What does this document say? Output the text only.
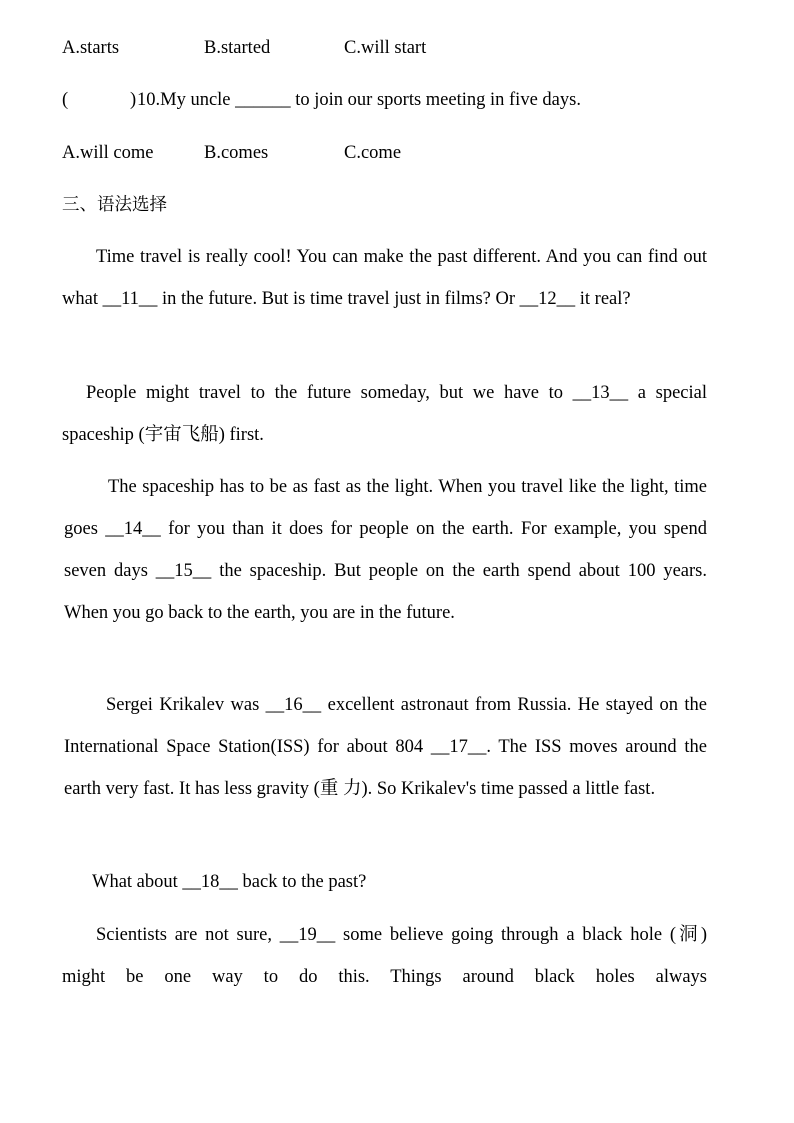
A.starts	B.started	C.will start
(	) 10.My uncle ______ to join our sports meeting in five days.
A.will come	B.comes	C.come
三、语法选择

Time travel is really cool! You can make the past different. And you can find out what __11__ in the future. But is time travel just in films? Or __12__ it real?

People might travel to the future someday, but we have to __13__ a special spaceship (宇宙飞船) first.

The spaceship has to be as fast as the light. When you travel like the light, time goes __14__ for you than it does for people on the earth. For example, you spend seven days __15__ the spaceship. But people on the earth spend about 100 years. When you go back to the earth, you are in the future.

Sergei Krikalev was __16__ excellent astronaut from Russia. He stayed on the International Space Station(ISS) for about 804 __17__. The ISS moves around the earth very fast. It has less gravity (重 力). So Krikalev's time passed a little fast.

What about __18__ back to the past?

Scientists are not sure, __19__ some believe going through a black hole (洞) might be one way to do this. Things around black holes always
